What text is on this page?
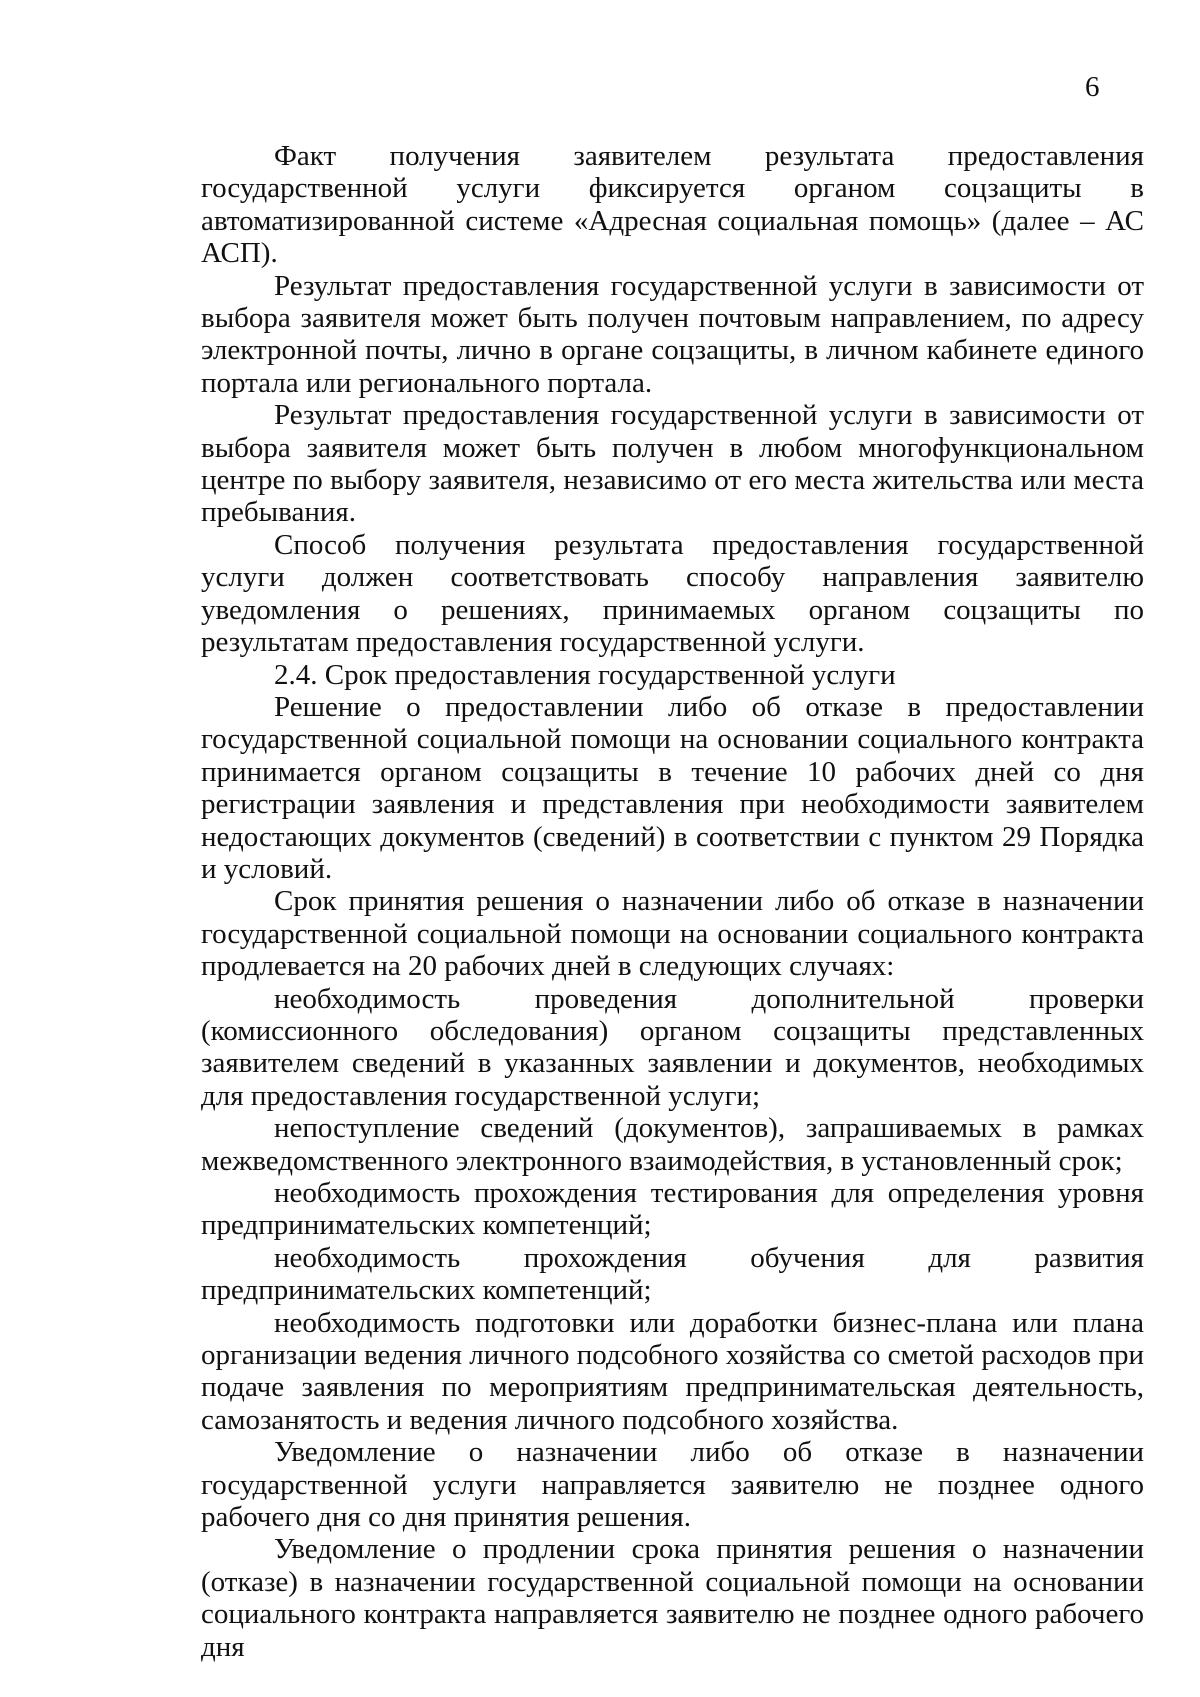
6

Факт получения заявителем результата предоставления государственной услуги фиксируется органом соцзащиты в автоматизированной системе «Адресная социальная помощь» (далее – АС АСП).

Результат предоставления государственной услуги в зависимости от выбора заявителя может быть получен почтовым направлением, по адресу электронной почты, лично в органе соцзащиты, в личном кабинете единого портала или регионального портала.

Результат предоставления государственной услуги в зависимости от выбора заявителя может быть получен в любом многофункциональном центре по выбору заявителя, независимо от его места жительства или места пребывания.

Способ получения результата предоставления государственной услуги должен соответствовать способу направления заявителю уведомления о решениях, принимаемых органом соцзащиты по результатам предоставления государственной услуги.

2.4. Срок предоставления государственной услуги

Решение о предоставлении либо об отказе в предоставлении государственной социальной помощи на основании социального контракта принимается органом соцзащиты в течение 10 рабочих дней со дня регистрации заявления и представления при необходимости заявителем недостающих документов (сведений) в соответствии с пунктом 29 Порядка и условий.

Срок принятия решения о назначении либо об отказе в назначении государственной социальной помощи на основании социального контракта продлевается на 20 рабочих дней в следующих случаях:

необходимость проведения дополнительной проверки (комиссионного обследования) органом соцзащиты представленных заявителем сведений в указанных заявлении и документов, необходимых для предоставления государственной услуги;

непоступление сведений (документов), запрашиваемых в рамках межведомственного электронного взаимодействия, в установленный срок;

необходимость прохождения тестирования для определения уровня предпринимательских компетенций;

необходимость прохождения обучения для развития предпринимательских компетенций;

необходимость подготовки или доработки бизнес-плана или плана организации ведения личного подсобного хозяйства со сметой расходов при подаче заявления по мероприятиям предпринимательская деятельность, самозанятость и ведения личного подсобного хозяйства.

Уведомление о назначении либо об отказе в назначении государственной услуги направляется заявителю не позднее одного рабочего дня со дня принятия решения.

Уведомление о продлении срока принятия решения о назначении (отказе) в назначении государственной социальной помощи на основании социального контракта направляется заявителю не позднее одного рабочего дня
